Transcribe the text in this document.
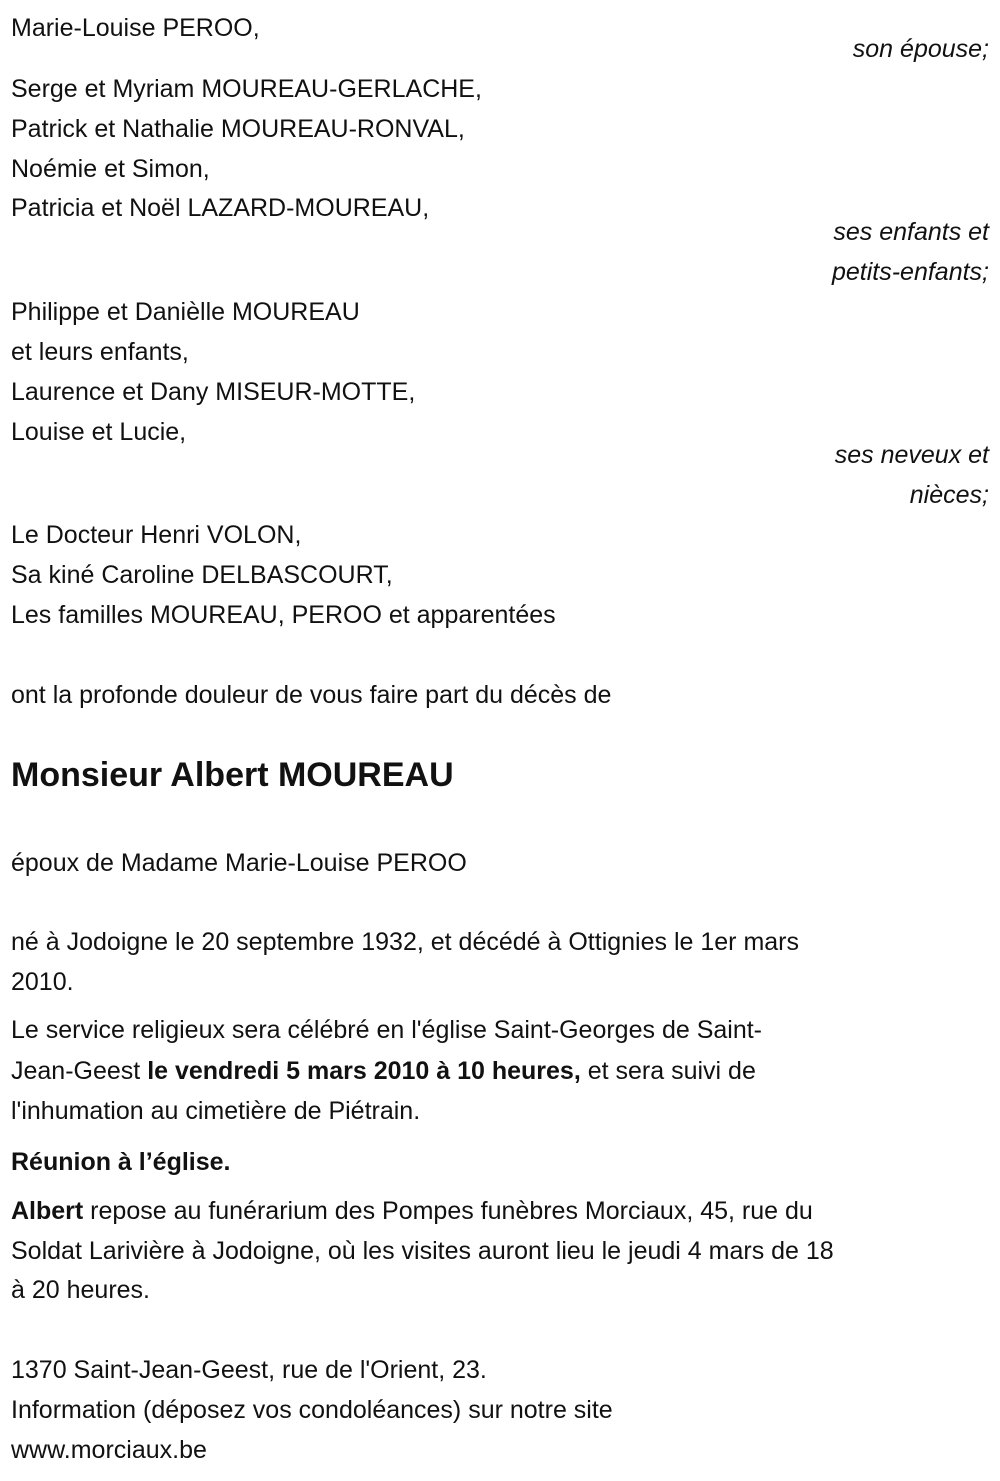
Marie-Louise PEROO,
son épouse;
Serge et Myriam MOUREAU-GERLACHE,
Patrick et Nathalie MOUREAU-RONVAL,
Noémie et Simon,
Patricia et Noël LAZARD-MOUREAU,
ses enfants et
petits-enfants;
Philippe et Danièlle MOUREAU
et leurs enfants,
Laurence et Dany MISEUR-MOTTE,
Louise et Lucie,
ses neveux et
nièces;
Le Docteur Henri VOLON,
Sa kiné Caroline DELBASCOURT,
Les familles MOUREAU, PEROO et apparentées
ont la profonde douleur de vous faire part du décès de
Monsieur Albert MOUREAU
époux de Madame Marie-Louise PEROO
né à Jodoigne le 20 septembre 1932, et décédé à Ottignies le 1er mars
2010.
Le service religieux sera célébré en l'église Saint-Georges de Saint-
Jean-Geest le vendredi 5 mars 2010 à 10 heures, et sera suivi de
l'inhumation au cimetière de Piétrain.
Réunion à l’église.
Albert repose au funérarium des Pompes funèbres Morciaux, 45, rue du
Soldat Larivière à Jodoigne, où les visites auront lieu le jeudi 4 mars de 18
à 20 heures.
1370 Saint-Jean-Geest, rue de l'Orient, 23.
Information (déposez vos condoléances) sur notre site
www.morciaux.be
